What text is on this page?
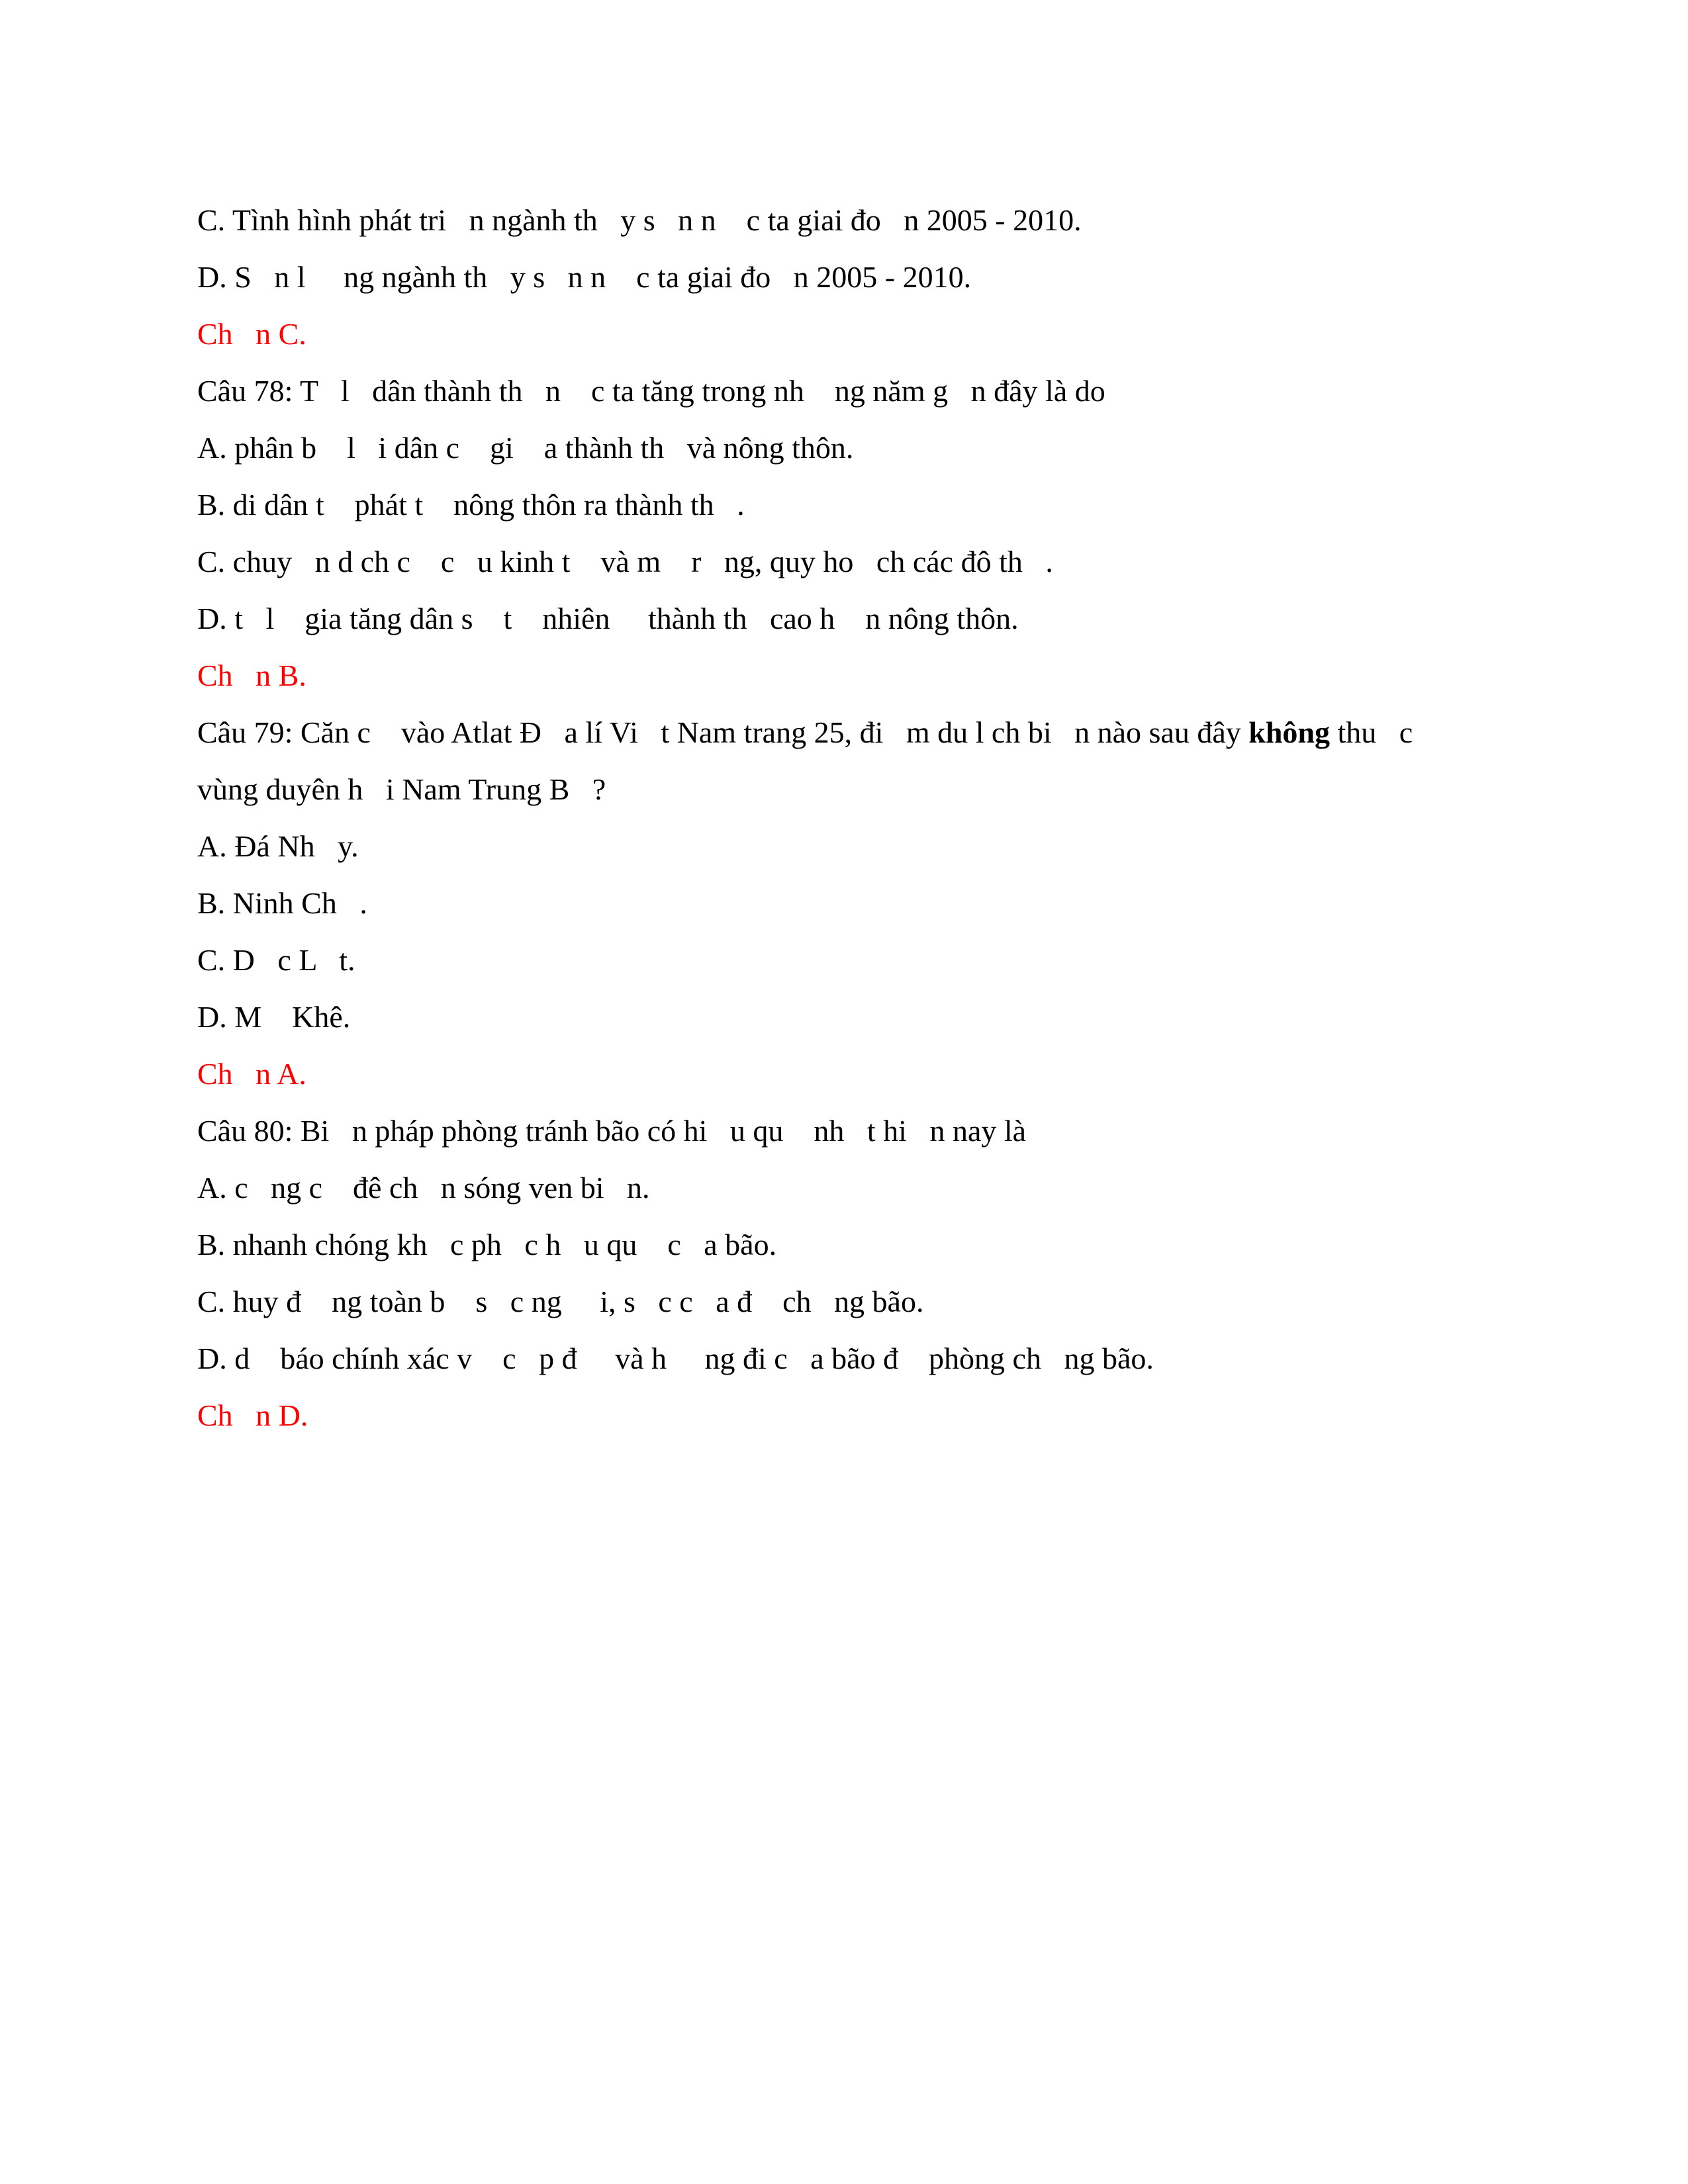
C. Tình hình phát tri   n ngành th   y s   n n    c ta giai đo   n 2005 - 2010.
D. S   n l     ng ngành th   y s   n n    c ta giai đo   n 2005 - 2010.
Ch   n C.
Câu 78: T   l   dân thành th   n    c ta tăng trong nh    ng năm g   n đây là do
A. phân b    l   i dân c    gi    a thành th   và nông thôn.
B. di dân t    phát t    nông thôn ra thành th   .
C. chuy   n d ch c    c   u kinh t    và m    r   ng, quy ho   ch các đô th   .
D. t   l    gia tăng dân s    t    nhiên     thành th   cao h    n nông thôn.
Ch   n B.
Câu 79: Căn c    vào Atlat Đ   a lí Vi   t Nam trang 25, đi   m du l ch bi   n nào sau đây không thu   c
vùng duyên h   i Nam Trung B   ?
A. Đá Nh   y.
B. Ninh Ch   .
C. D   c L   t.
D. M    Khê.
Ch   n A.
Câu 80: Bi   n pháp phòng tránh bão có hi   u qu    nh   t hi   n nay là
A. c   ng c    đê ch   n sóng ven bi   n.
B. nhanh chóng kh   c ph   c h   u qu    c   a bão.
C. huy đ    ng toàn b    s   c ng     i, s   c c   a đ    ch   ng bão.
D. d    báo chính xác v    c   p đ     và h     ng đi c   a bão đ    phòng ch   ng bão.
Ch   n D.
